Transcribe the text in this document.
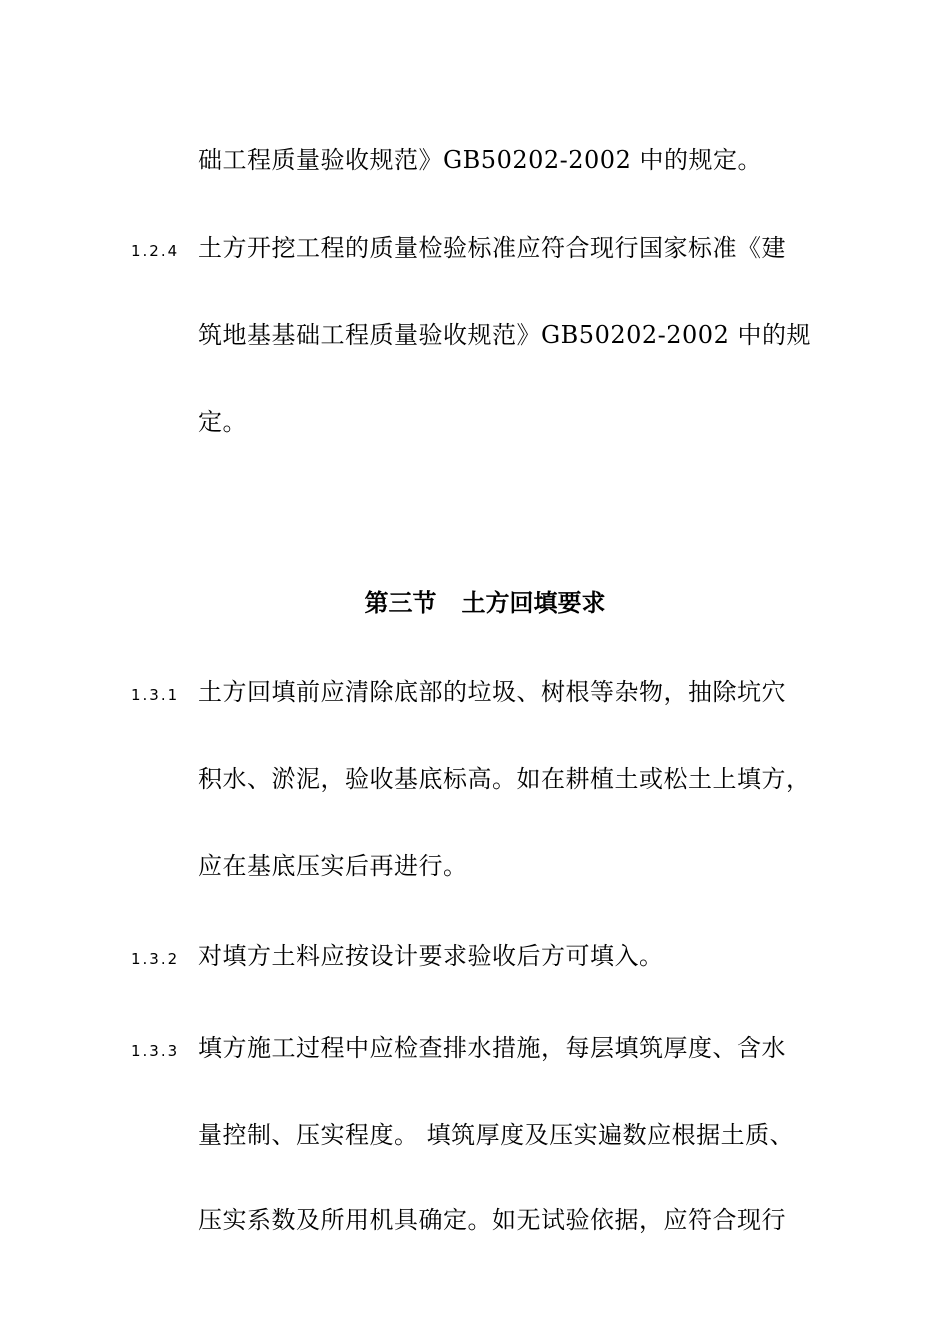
础工程质量验收规范》GB50202-2002 中的规定。
1.2.4 土方开挖工程的质量检验标准应符合现行国家标准《建
筑地基基础工程质量验收规范》GB50202-2002 中的规
定。
第三节   土方回填要求
1.3.1 土方回填前应清除底部的垃圾、树根等杂物，抽除坑穴
积水、淤泥，验收基底标高。如在耕植土或松土上填方，
应在基底压实后再进行。
1.3.2 对填方土料应按设计要求验收后方可填入。
1.3.3 填方施工过程中应检查排水措施，每层填筑厚度、含水
量控制、压实程度。 填筑厚度及压实遍数应根据土质、
压实系数及所用机具确定。如无试验依据，应符合现行
